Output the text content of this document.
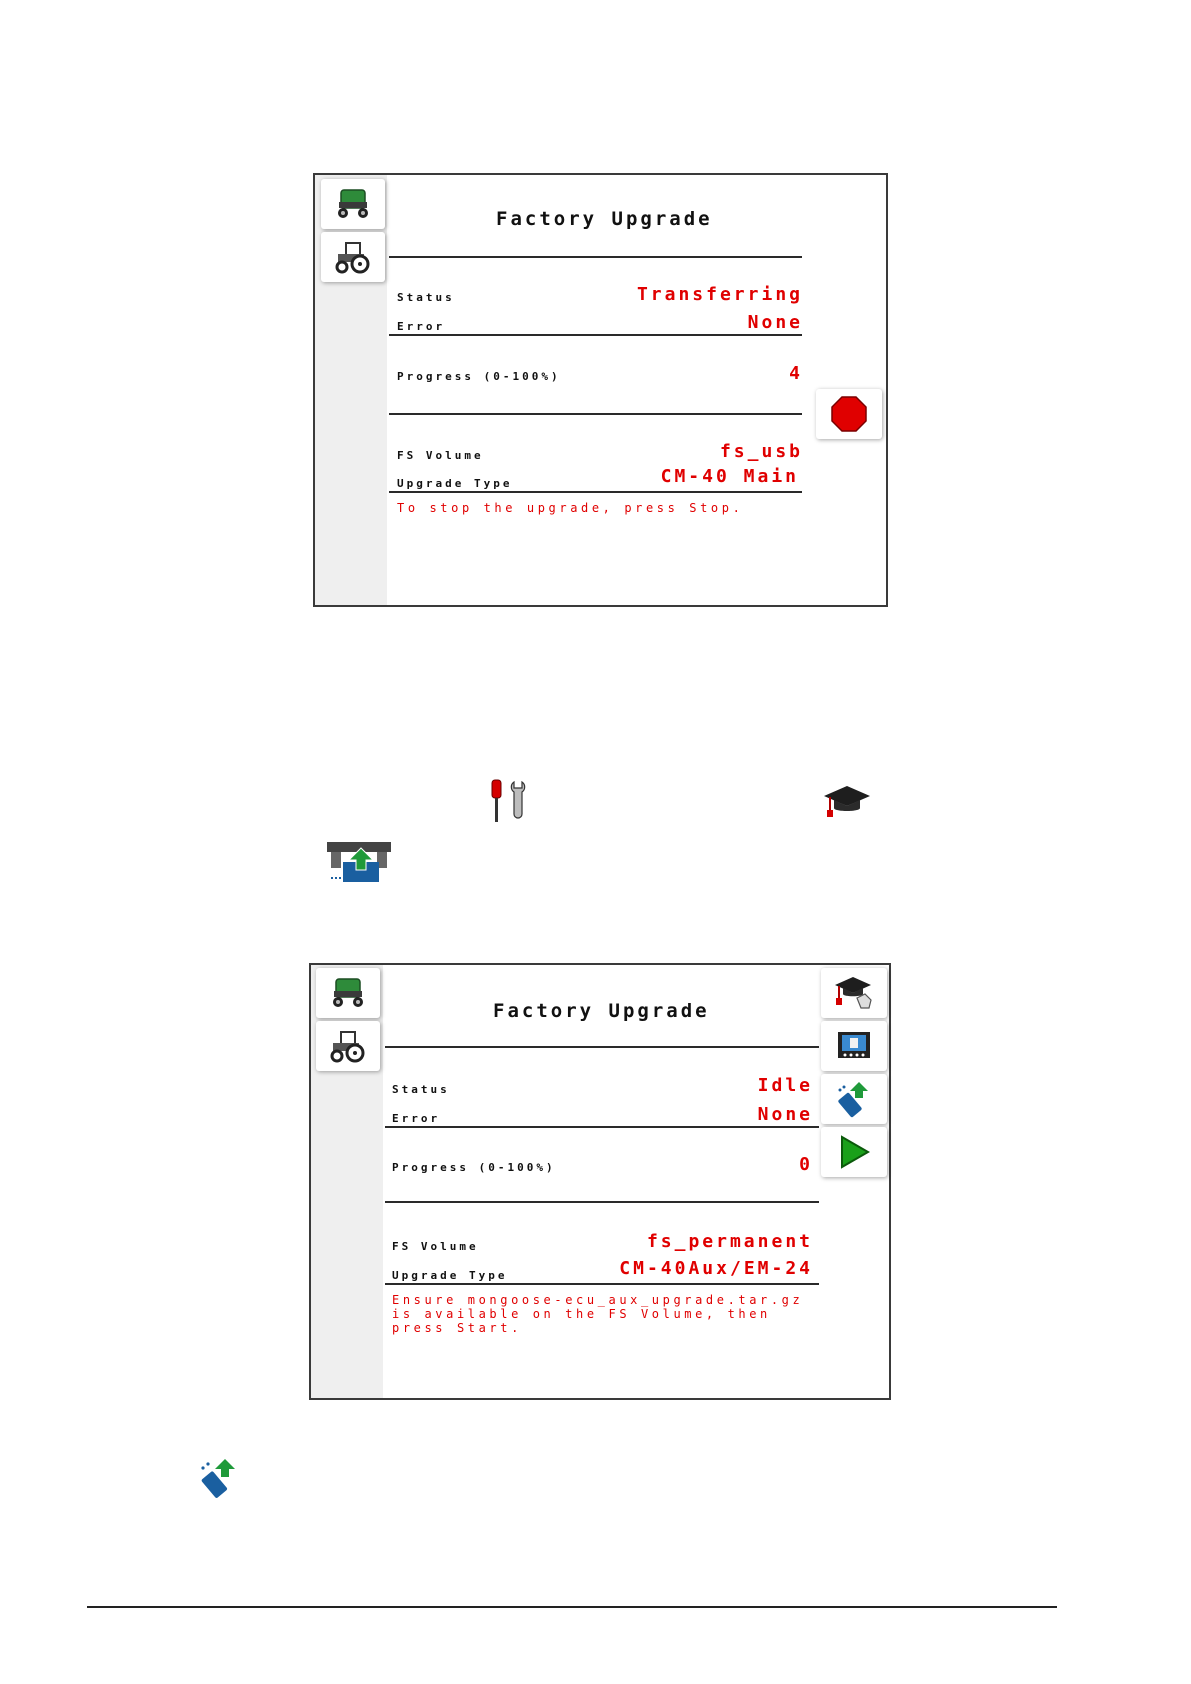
Factory Upgrade
Status	Transferring
Error	None
Progress (0-100%)	4
FS Volume	fs_usb
Upgrade Type	CM-40 Main
To stop the upgrade, press Stop.
Factory Upgrade
Status	Idle
Error	None
Progress (0-100%)	0
FS Volume	fs_permanent
Upgrade Type	CM-40Aux/EM-24
Ensure mongoose-ecu_aux_upgrade.tar.gz
is available on the FS Volume, then
press Start.
